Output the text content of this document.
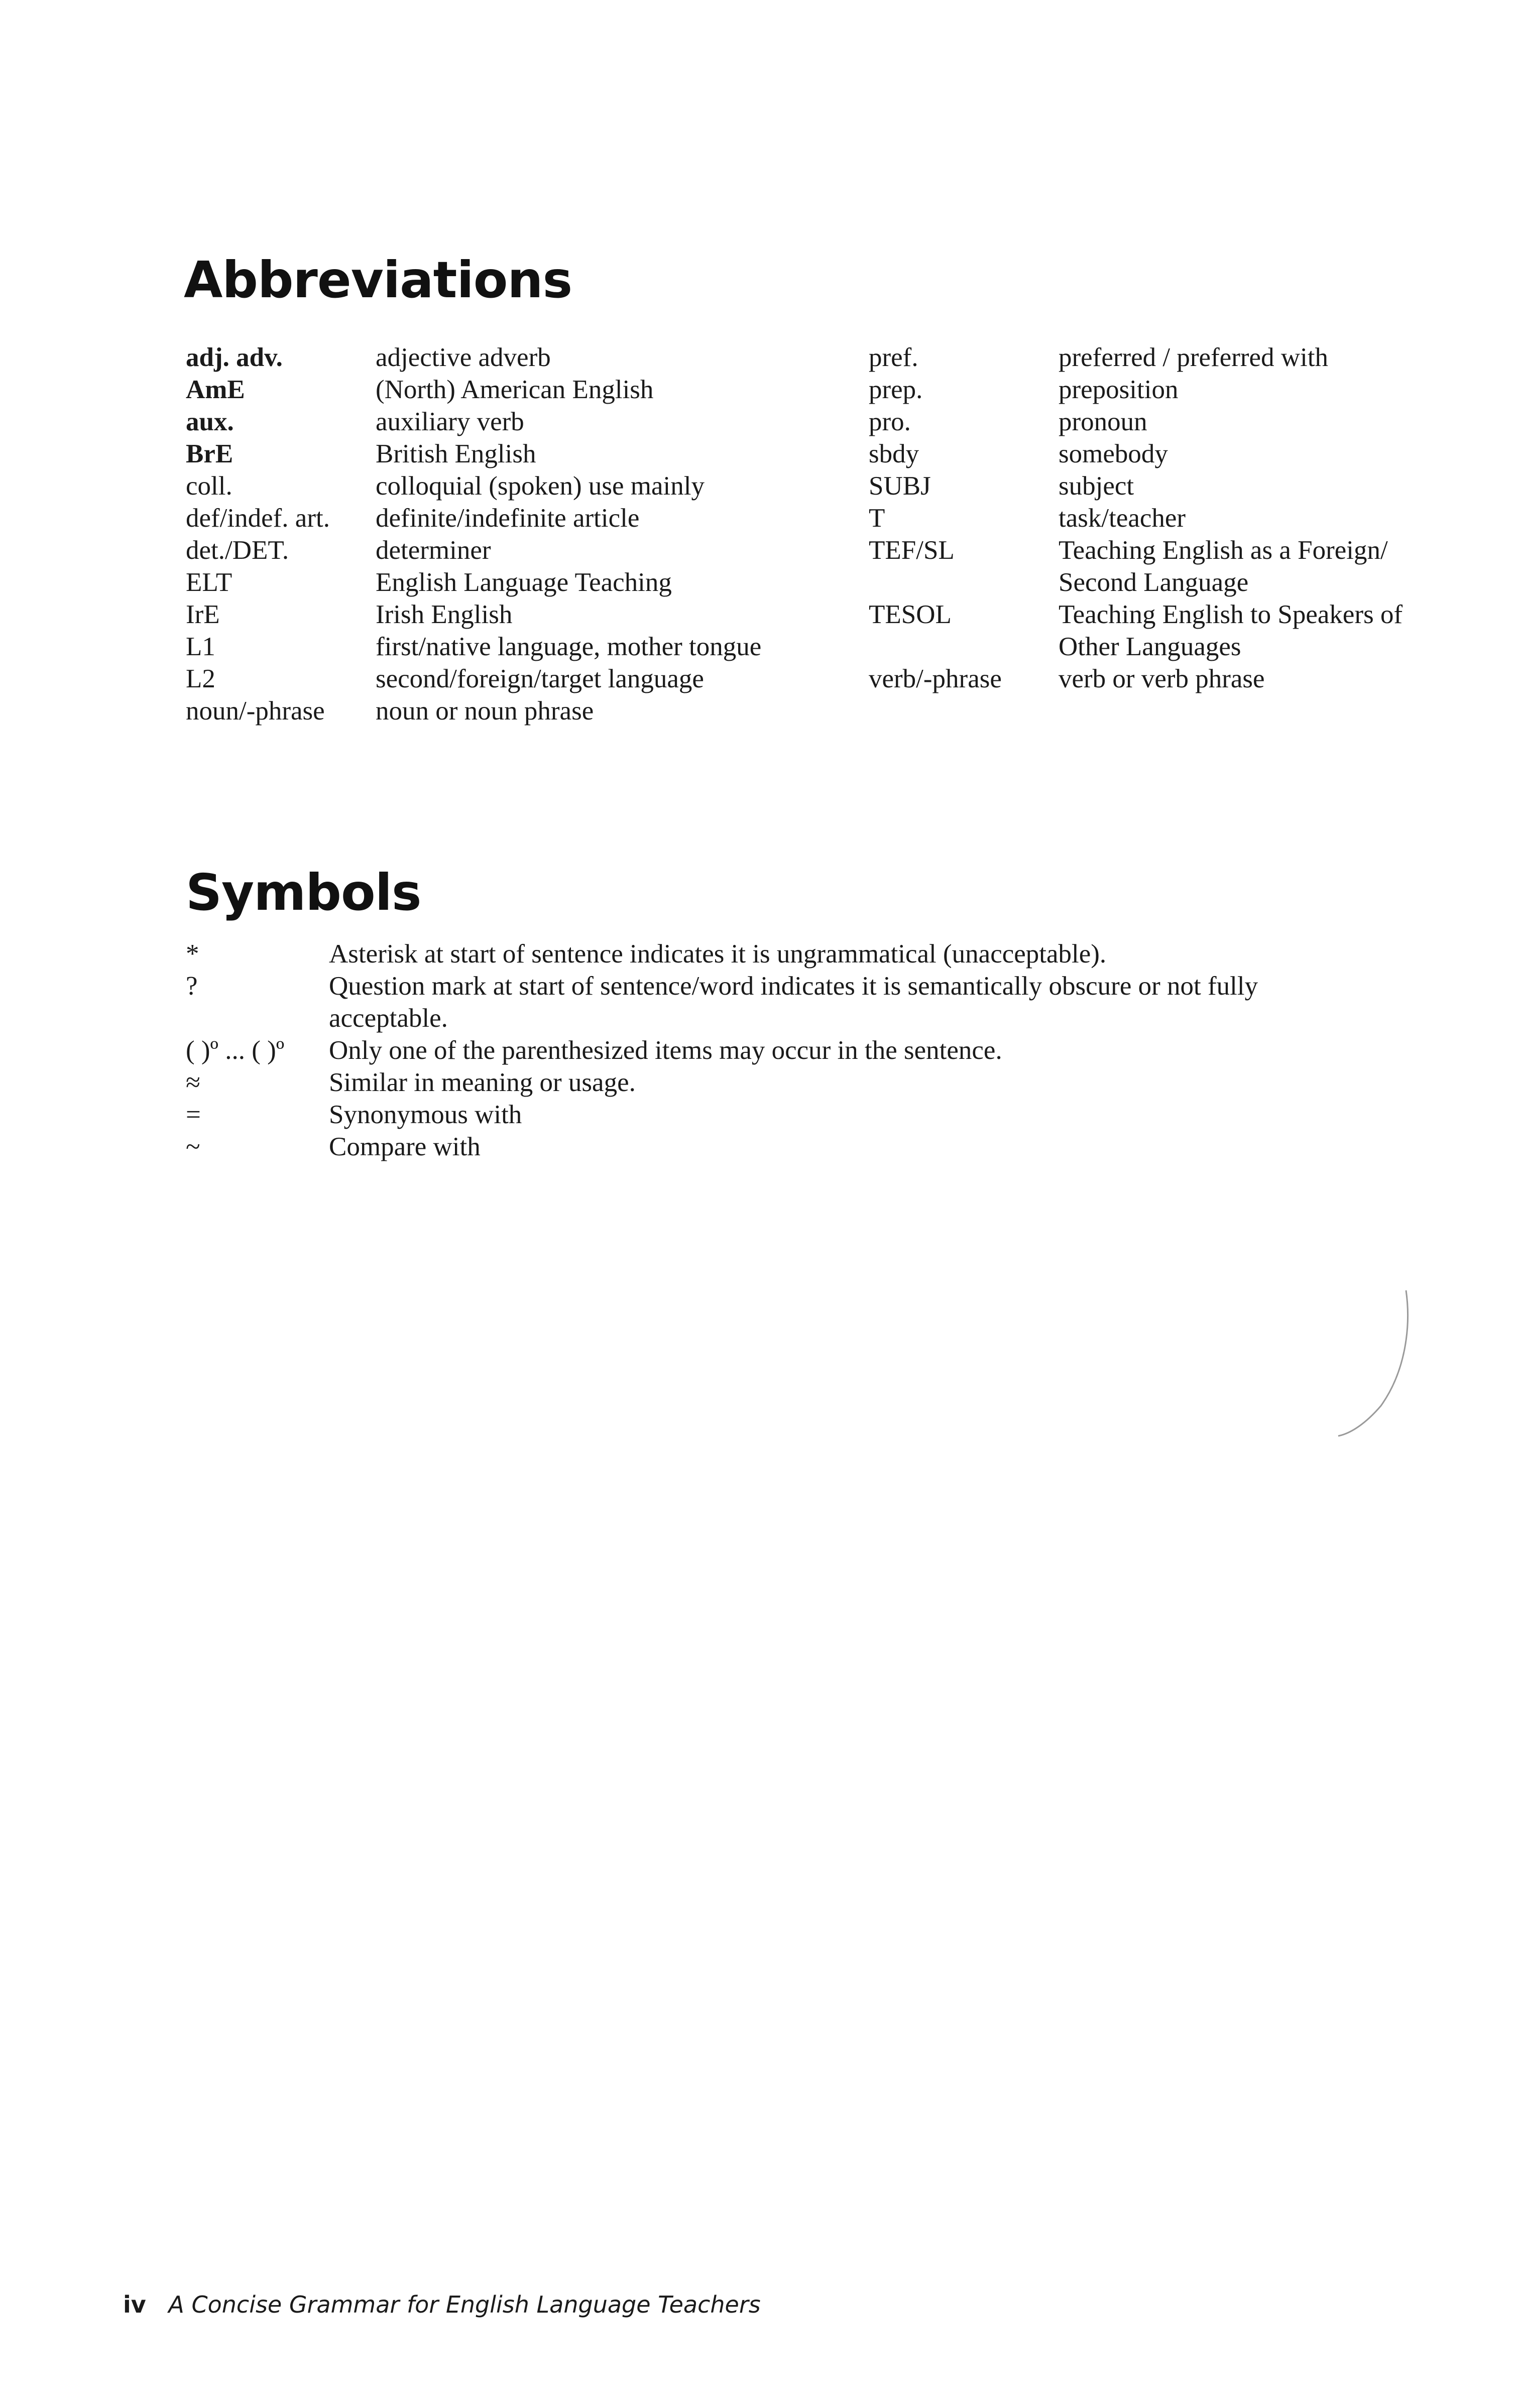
Abbreviations
adj. adv.	adjective adverb
AmE	(North) American English
aux.	auxiliary verb
BrE	British English
coll.	colloquial (spoken) use mainly
def/indef. art.	definite/indefinite article
det./DET.	determiner
ELT	English Language Teaching
IrE	Irish English
L1	first/native language, mother tongue
L2	second/foreign/target language
noun/-phrase	noun or noun phrase
pref.	preferred / preferred with
prep.	preposition
pro.	pronoun
sbdy	somebody
SUBJ	subject
T	task/teacher
TEF/SL	Teaching English as a Foreign/
Second Language
TESOL	Teaching English to Speakers of
Other Languages
verb/-phrase	verb or verb phrase
Symbols
*	Asterisk at start of sentence indicates it is ungrammatical (unacceptable).
?	Question mark at start of sentence/word indicates it is semantically obscure or not fully acceptable.
( )º ... ( )º	Only one of the parenthesized items may occur in the sentence.
≈	Similar in meaning or usage.
=	Synonymous with
~	Compare with
iv A Concise Grammar for English Language Teachers
